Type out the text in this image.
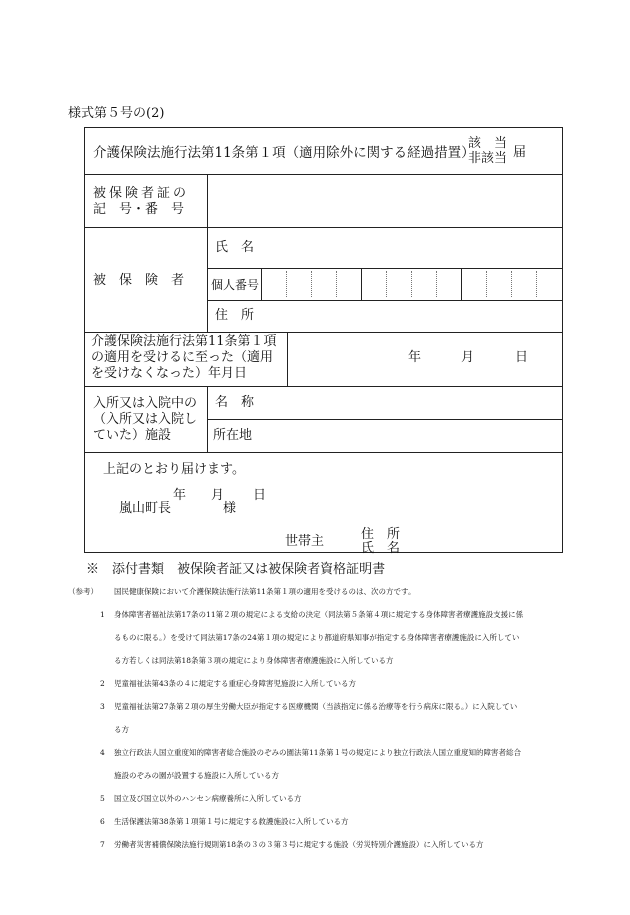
様式第５号の(2)
介護保険法施行法第11条第１項（適用除外に関する経過措置）
該　当
非該当 届
被保険者証の
記　号・番　号
被　保　険　者
氏　名
個人番号
住　所
介護保険法施行法第11条第１項
の適用を受けるに至った（適用
を受けなくなった）年月日
年	月	日
入所又は入院中の
（入所又は入院し
ていた）施設
名　称
所在地
上記のとおり届けます。
年 月 日
嵐山町長	様
世帯主	住　所
氏　名
※　 添付書類　 被保険者証又は被保険者資格証明書
（参考） 国民健康保険において介護保険法施行法第11条第１項の適用を受けるのは、次の方です。
1 身体障害者福祉法第17条の11第２項の規定による支給の決定（同法第５条第４項に規定する身体障害者療護施設支援に係
るものに限る。）を受けて同法第17条の24第１項の規定により都道府県知事が指定する身体障害者療護施設に入所してい
る方若しくは同法第18条第３項の規定により身体障害者療護施設に入所している方
2 児童福祉法第43条の４に規定する重症心身障害児施設に入所している方
3 児童福祉法第27条第２項の厚生労働大臣が指定する医療機関（当該指定に係る治療等を行う病床に限る。）に入院してい
る方
4 独立行政法人国立重度知的障害者総合施設のぞみの園法第11条第１号の規定により独立行政法人国立重度知的障害者総合
施設のぞみの園が設置する施設に入所している方
5 国立及び国立以外のハンセン病療養所に入所している方
6 生活保護法第38条第１項第１号に規定する救護施設に入所している方
7 労働者災害補償保険法施行規則第18条の３の３第３号に規定する施設（労災特別介護施設）に入所している方
